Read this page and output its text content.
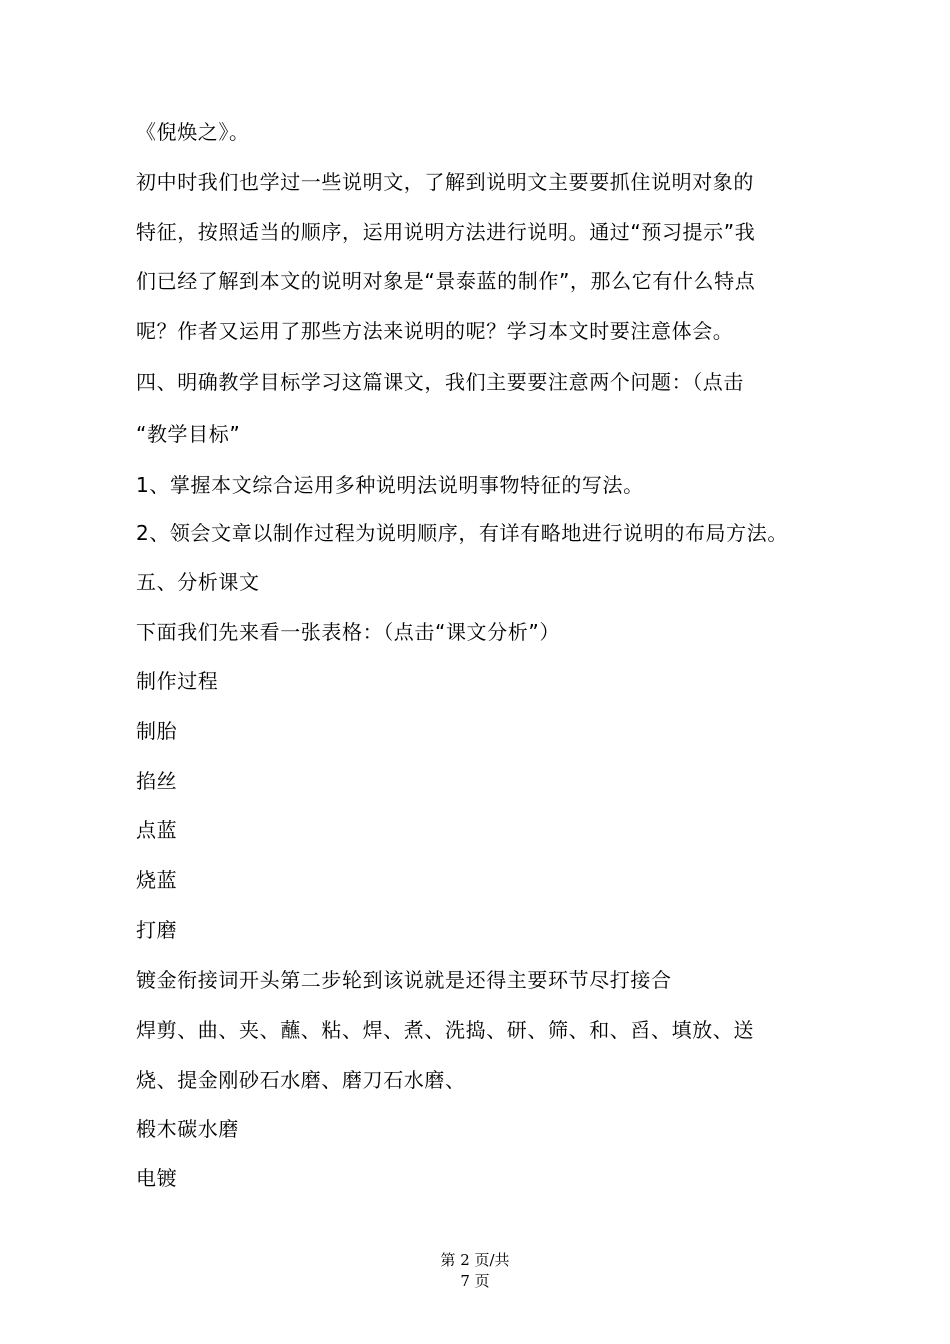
《倪焕之》。
初中时我们也学过一些说明文，了解到说明文主要要抓住说明对象的
特征，按照适当的顺序，运用说明方法进行说明。通过“预习提示”我
们已经了解到本文的说明对象是“景泰蓝的制作”，那么它有什么特点
呢？作者又运用了那些方法来说明的呢？学习本文时要注意体会。
四、明确教学目标学习这篇课文，我们主要要注意两个问题：（点击
“教学目标”
1、掌握本文综合运用多种说明法说明事物特征的写法。
2、领会文章以制作过程为说明顺序，有详有略地进行说明的布局方法。
五、分析课文
下面我们先来看一张表格：（点击“课文分析”）
制作过程
制胎
掐丝
点蓝
烧蓝
打磨
镀金衔接词开头第二步轮到该说就是还得主要环节尽打接合
焊剪、曲、夹、蘸、粘、焊、煮、洗捣、研、筛、和、舀、填放、送
烧、提金刚砂石水磨、磨刀石水磨、
椴木碳水磨
电镀
第 2 页/共
7 页
